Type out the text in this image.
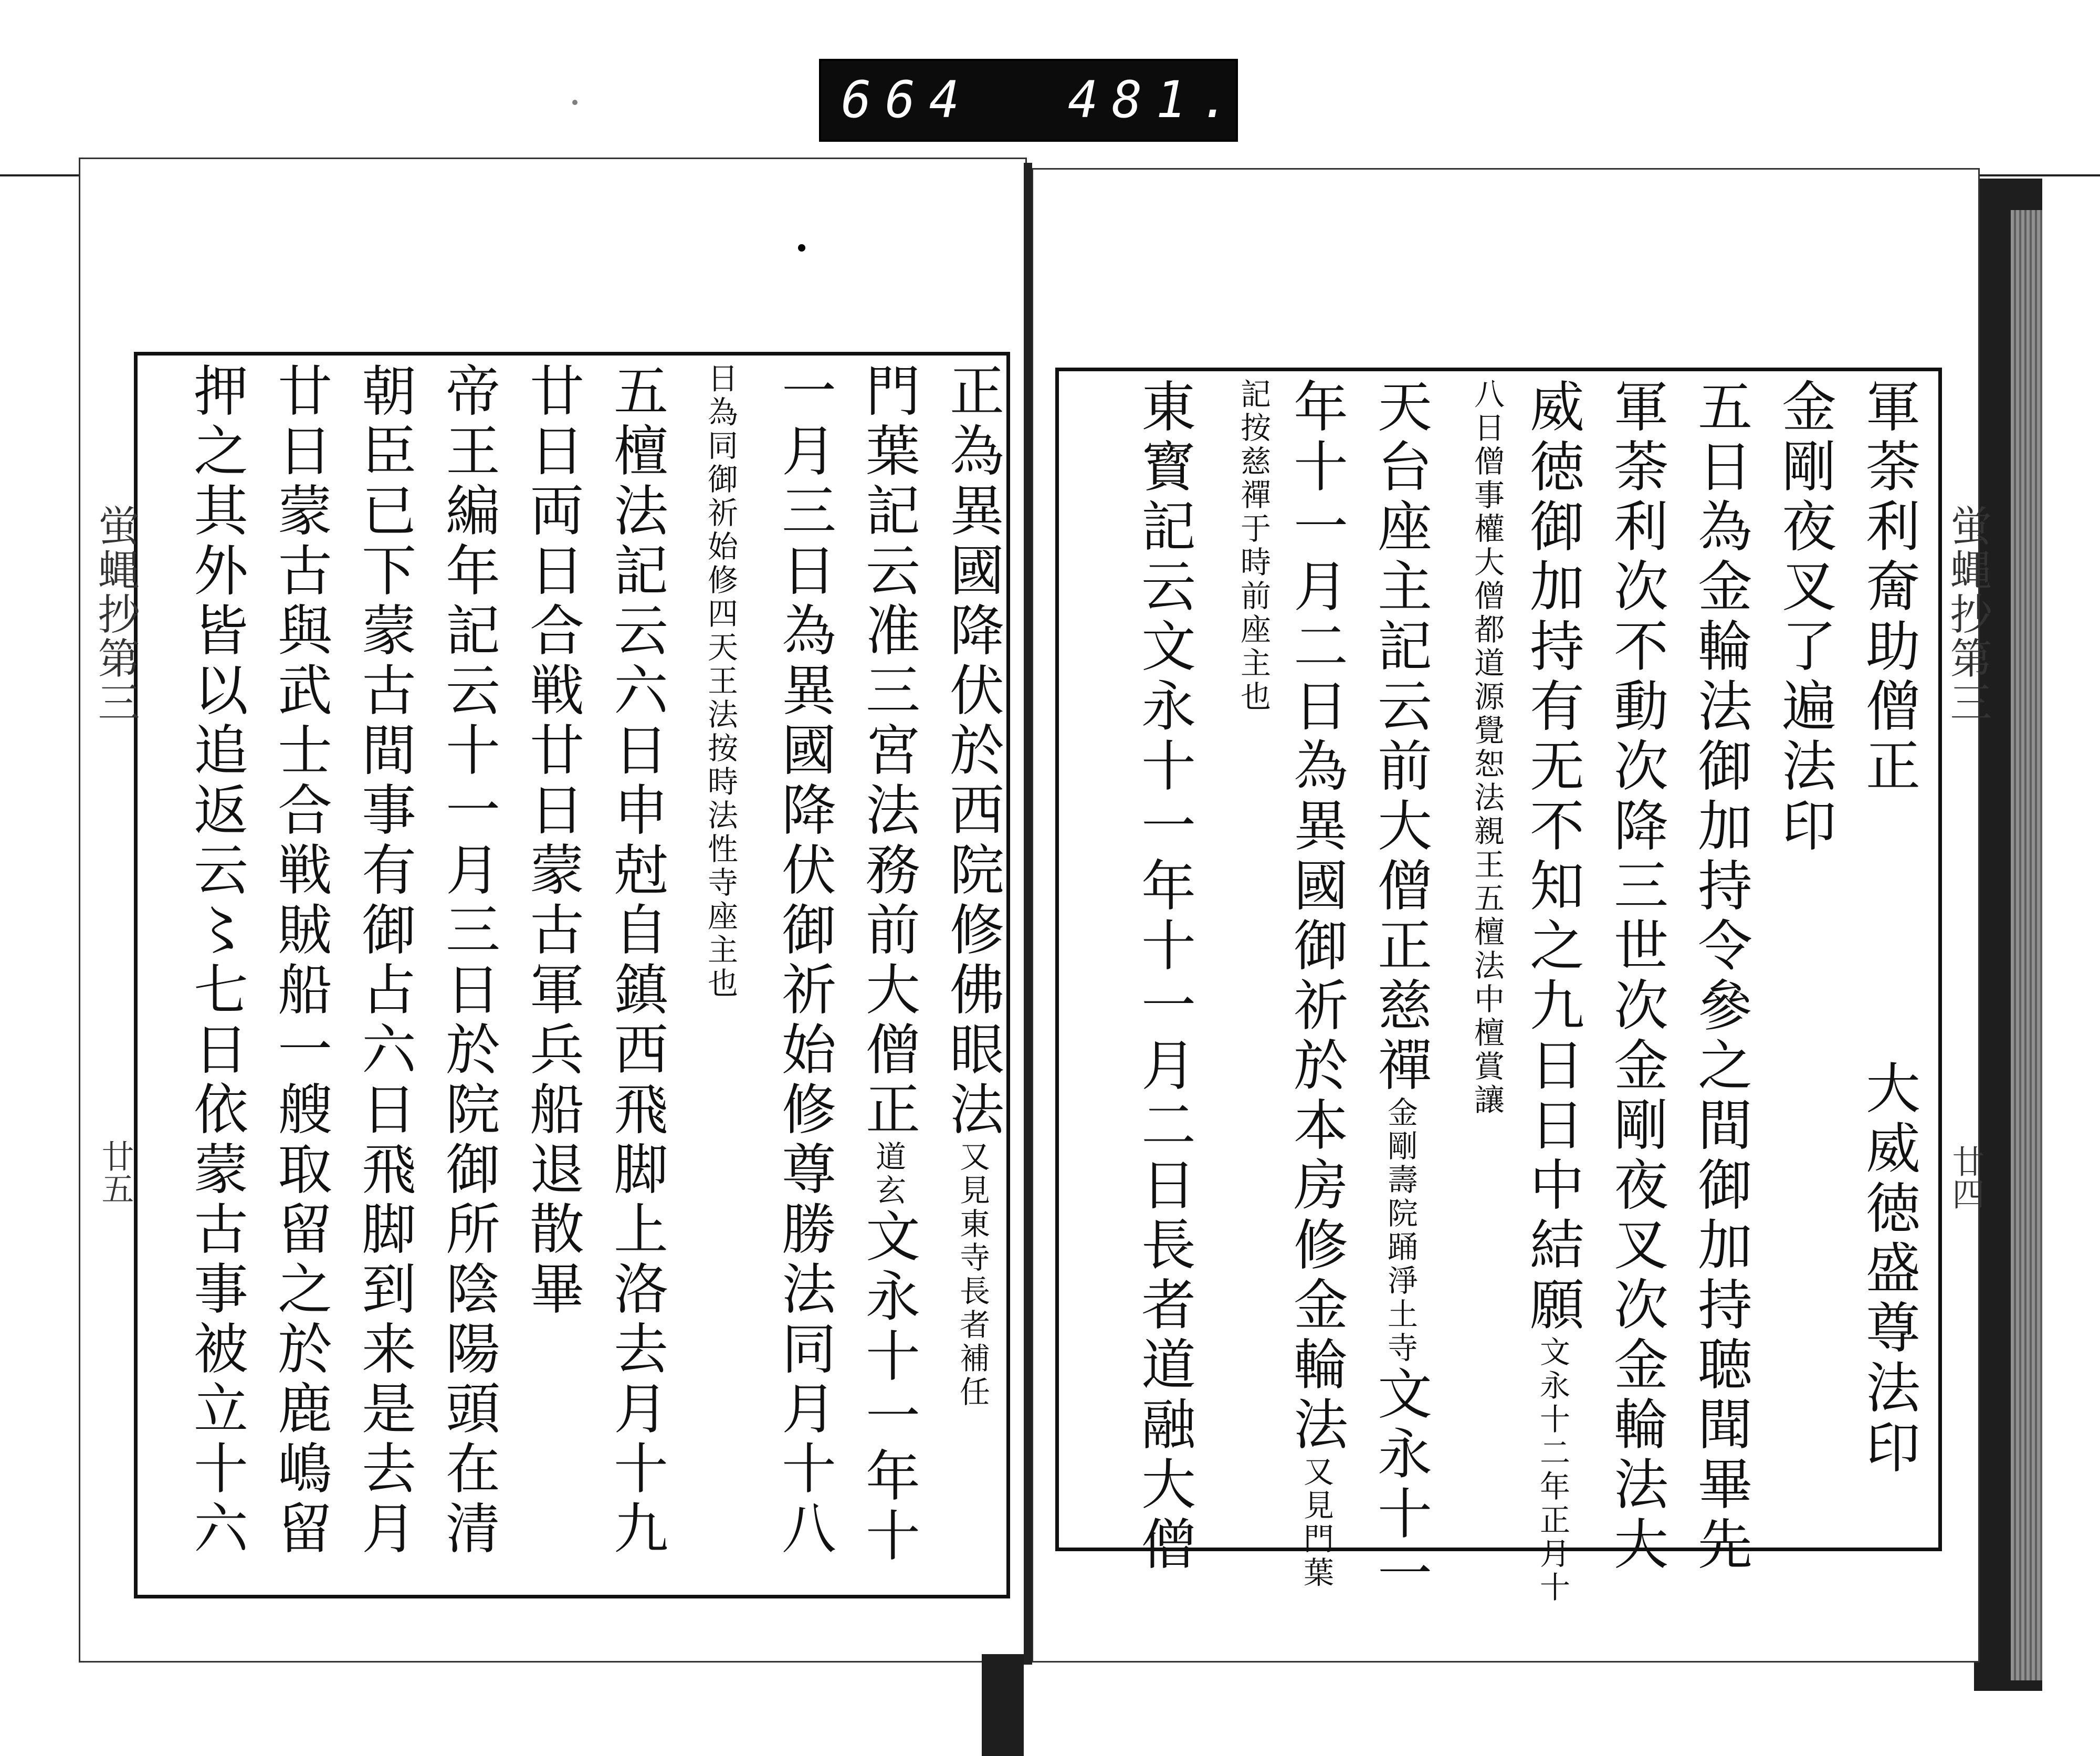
664 481.
正為異國降伏於西院修佛眼法又見東寺長者補任
門葉記云准三宮法務前大僧正道玄文永十一年十
一月三日為異國降伏御祈始修尊勝法同月十八
日為同御祈始修四天王法按時法性寺座主也
五檀法記云六日申尅自鎮西飛脚上洛去月十九
廿日両日合戦廿日蒙古軍兵船退散畢
帝王編年記云十一月三日於院御所陰陽頭在清
朝臣已下蒙古間事有御占六日飛脚到来是去月
廿日蒙古與武士合戦賊船一艘取留之於鹿嶋留
押之其外皆以追返云〻七日依蒙古事被立十六
蛍蝿抄第三
廿五
軍荼利奝助僧正大威徳盛尊法印
金剛夜叉了遍法印
五日為金輪法御加持令參之間御加持聴聞畢先
軍荼利次不動次降三世次金剛夜叉次金輪法大
威徳御加持有无不知之九日日中結願文永十二年正月十
八日僧事權大僧都道源覺恕法親王五檀法中檀賞讓
天台座主記云前大僧正慈禪金剛壽院踊淨土寺文永十一
年十一月二日為異國御祈於本房修金輪法又見門葉
記按慈禪于時前座主也
東寳記云文永十一年十一月二日長者道融大僧	蛍蝿抄第三
廿四
